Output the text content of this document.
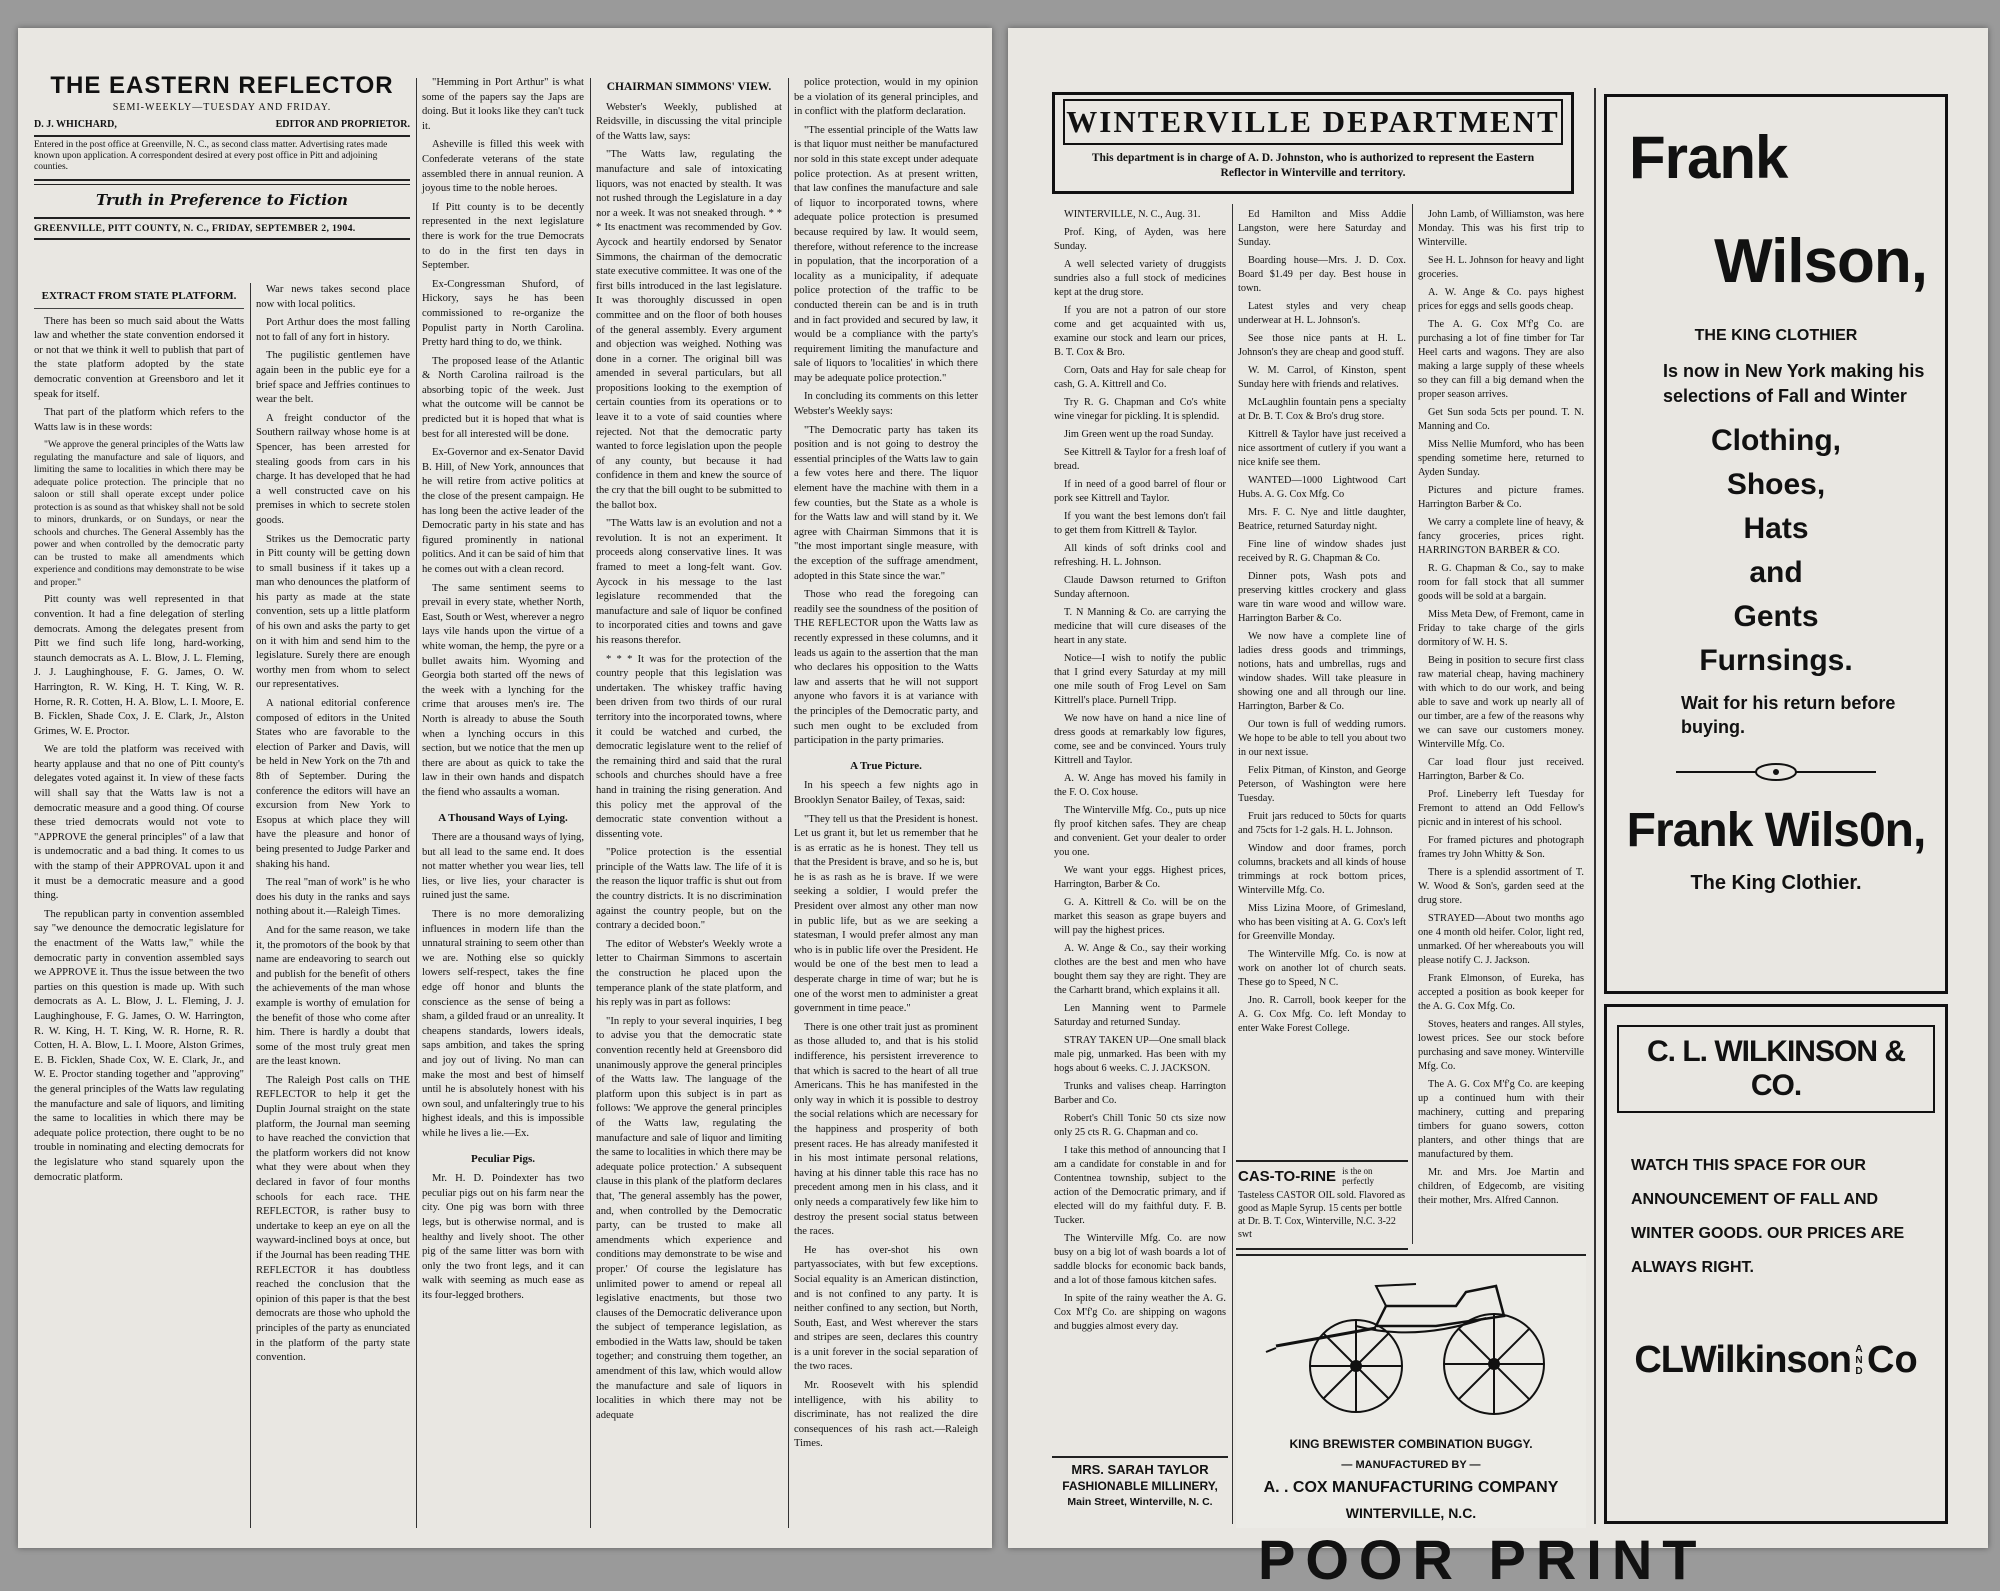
THE EASTERN REFLECTOR
SEMI-WEEKLY—TUESDAY AND FRIDAY.
D. J. WHICHARD,	EDITOR AND PROPRIETOR.
Entered in the post office at Greenville, N. C., as second class matter. Advertising rates made known upon application. A correspondent desired at every post office in Pitt and adjoining counties.
Truth in Preference to Fiction
GREENVILLE, PITT COUNTY, N. C., FRIDAY, SEPTEMBER 2, 1904.
EXTRACT FROM STATE PLATFORM.

There has been so much said about the Watts law and whether the state convention endorsed it or not that we think it well to publish that part of the state platform adopted by the state democratic convention at Greensboro and let it speak for itself.

That part of the platform which refers to the Watts law is in these words:

"We approve the general principles of the Watts law regulating the manufacture and sale of liquors, and limiting the same to localities in which there may be adequate police protection. The principle that no saloon or still shall operate except under police protection is as sound as that whiskey shall not be sold to minors, drunkards, or on Sundays, or near the schools and churches. The General Assembly has the power and when controlled by the democratic party can be trusted to make all amendments which experience and conditions may demonstrate to be wise and proper."

Pitt county was well represented in that convention. It had a fine delegation of sterling democrats. Among the delegates present from Pitt we find such life long, hard-working, staunch democrats as A. L. Blow, J. L. Fleming, J. J. Laughinghouse, F. G. James, O. W. Harrington, R. W. King, H. T. King, W. R. Horne, R. R. Cotten, H. A. Blow, L. I. Moore, E. B. Ficklen, Shade Cox, J. E. Clark, Jr., Alston Grimes, W. E. Proctor.

We are told the platform was received with hearty applause and that no one of Pitt county's delegates voted against it. In view of these facts will shall say that the Watts law is not a democratic measure and a good thing. Of course these tried democrats would not vote to "APPROVE the general principles" of a law that is undemocratic and a bad thing. It comes to us with the stamp of their APPROVAL upon it and it must be a democratic measure and a good thing.

The republican party in convention assembled say "we denounce the democratic legislature for the enactment of the Watts law," while the democratic party in convention assembled says we APPROVE it. Thus the issue between the two parties on this question is made up. With such democrats as A. L. Blow, J. L. Fleming, J. J. Laughinghouse, F. G. James, O. W. Harrington, R. W. King, H. T. King, W. R. Horne, R. R. Cotten, H. A. Blow, L. I. Moore, Alston Grimes, E. B. Ficklen, Shade Cox, W. E. Clark, Jr., and W. E. Proctor standing together and "approving" the general principles of the Watts law regulating the manufacture and sale of liquors, and limiting the same to localities in which there may be adequate police protection, there ought to be no trouble in nominating and electing democrats for the legislature who stand squarely upon the democratic platform.

War news takes second place now with local politics.

Port Arthur does the most falling not to fall of any fort in history.

The pugilistic gentlemen have again been in the public eye for a brief space and Jeffries continues to wear the belt.

A freight conductor of the Southern railway whose home is at Spencer, has been arrested for stealing goods from cars in his charge. It has developed that he had a well constructed cave on his premises in which to secrete stolen goods.

Strikes us the Democratic party in Pitt county will be getting down to small business if it takes up a man who denounces the platform of his party as made at the state convention, sets up a little platform of his own and asks the party to get on it with him and send him to the legislature. Surely there are enough worthy men from whom to select our representatives.

A national editorial conference composed of editors in the United States who are favorable to the election of Parker and Davis, will be held in New York on the 7th and 8th of September. During the conference the editors will have an excursion from New York to Esopus at which place they will have the pleasure and honor of being presented to Judge Parker and shaking his hand.

The real "man of work" is he who does his duty in the ranks and says nothing about it.—Raleigh Times.

And for the same reason, we take it, the promotors of the book by that name are endeavoring to search out and publish for the benefit of others the achievements of the man whose example is worthy of emulation for the benefit of those who come after him. There is hardly a doubt that some of the most truly great men are the least known.

The Raleigh Post calls on THE REFLECTOR to help it get the Duplin Journal straight on the state platform, the Journal man seeming to have reached the conviction that the platform workers did not know what they were about when they declared in favor of four months schools for each race. THE REFLECTOR, is rather busy to undertake to keep an eye on all the wayward-inclined boys at once, but if the Journal has been reading THE REFLECTOR it has doubtless reached the conclusion that the opinion of this paper is that the best democrats are those who uphold the principles of the party as enunciated in the platform of the party state convention.

"Hemming in Port Arthur" is what some of the papers say the Japs are doing. But it looks like they can't tuck it.

Asheville is filled this week with Confederate veterans of the state assembled there in annual reunion. A joyous time to the noble heroes.

If Pitt county is to be decently represented in the next legislature there is work for the true Democrats to do in the first ten days in September.

Ex-Congressman Shuford, of Hickory, says he has been commissioned to re-organize the Populist party in North Carolina. Pretty hard thing to do, we think.

The proposed lease of the Atlantic & North Carolina railroad is the absorbing topic of the week. Just what the outcome will be cannot be predicted but it is hoped that what is best for all interested will be done.

Ex-Governor and ex-Senator David B. Hill, of New York, announces that he will retire from active politics at the close of the present campaign. He has long been the active leader of the Democratic party in his state and has figured prominently in national politics. And it can be said of him that he comes out with a clean record.

The same sentiment seems to prevail in every state, whether North, East, South or West, wherever a negro lays vile hands upon the virtue of a white woman, the hemp, the pyre or a bullet awaits him. Wyoming and Georgia both started off the news of the week with a lynching for the crime that arouses men's ire. The North is already to abuse the South when a lynching occurs in this section, but we notice that the men up there are about as quick to take the law in their own hands and dispatch the fiend who assaults a woman.

A Thousand Ways of Lying.

There are a thousand ways of lying, but all lead to the same end. It does not matter whether you wear lies, tell lies, or live lies, your character is ruined just the same.

There is no more demoralizing influences in modern life than the unnatural straining to seem other than we are. Nothing else so quickly lowers self-respect, takes the fine edge off honor and blunts the conscience as the sense of being a sham, a gilded fraud or an unreality. It cheapens standards, lowers ideals, saps ambition, and takes the spring and joy out of living. No man can make the most and best of himself until he is absolutely honest with his own soul, and unfalteringly true to his highest ideals, and this is impossible while he lives a lie.—Ex.

Peculiar Pigs.

Mr. H. D. Poindexter has two peculiar pigs out on his farm near the city. One pig was born with three legs, but is otherwise normal, and is healthy and lively shoot. The other pig of the same litter was born with only the two front legs, and it can walk with seeming as much ease as its four-legged brothers.

CHAIRMAN SIMMONS' VIEW.

Webster's Weekly, published at Reidsville, in discussing the vital principle of the Watts law, says:

"The Watts law, regulating the manufacture and sale of intoxicating liquors, was not enacted by stealth. It was not rushed through the Legislature in a day nor a week. It was not sneaked through. * * * Its enactment was recommended by Gov. Aycock and heartily endorsed by Senator Simmons, the chairman of the democratic state executive committee. It was one of the first bills introduced in the last legislature. It was thoroughly discussed in open committee and on the floor of both houses of the general assembly. Every argument and objection was weighed. Nothing was done in a corner. The original bill was amended in several particulars, but all propositions looking to the exemption of certain counties from its operations or to leave it to a vote of said counties where rejected. Not that the democratic party wanted to force legislation upon the people of any county, but because it had confidence in them and knew the source of the cry that the bill ought to be submitted to the ballot box.

"The Watts law is an evolution and not a revolution. It is not an experiment. It proceeds along conservative lines. It was framed to meet a long-felt want. Gov. Aycock in his message to the last legislature recommended that the manufacture and sale of liquor be confined to incorporated cities and towns and gave his reasons therefor.

* * * It was for the protection of the country people that this legislation was undertaken. The whiskey traffic having been driven from two thirds of our rural territory into the incorporated towns, where it could be watched and curbed, the democratic legislature went to the relief of the remaining third and said that the rural schools and churches should have a free hand in training the rising generation. And this policy met the approval of the democratic state convention without a dissenting vote.

"Police protection is the essential principle of the Watts law. The life of it is the reason the liquor traffic is shut out from the country districts. It is no discrimination against the country people, but on the contrary a decided boon."

The editor of Webster's Weekly wrote a letter to Chairman Simmons to ascertain the construction he placed upon the temperance plank of the state platform, and his reply was in part as follows:

"In reply to your several inquiries, I beg to advise you that the democratic state convention recently held at Greensboro did unanimously approve the general principles of the Watts law. The language of the platform upon this subject is in part as follows: 'We approve the general principles of the Watts law, regulating the manufacture and sale of liquor and limiting the same to localities in which there may be adequate police protection.' A subsequent clause in this plank of the platform declares that, 'The general assembly has the power, and, when controlled by the Democratic party, can be trusted to make all amendments which experience and conditions may demonstrate to be wise and proper.' Of course the legislature has unlimited power to amend or repeal all legislative enactments, but those two clauses of the Democratic deliverance upon the subject of temperance legislation, as embodied in the Watts law, should be taken together; and construing them together, an amendment of this law, which would allow the manufacture and sale of liquors in localities in which there may not be adequate

police protection, would in my opinion be a violation of its general principles, and in conflict with the platform declaration.

"The essential principle of the Watts law is that liquor must neither be manufactured nor sold in this state except under adequate police protection. As at present written, that law confines the manufacture and sale of liquor to incorporated towns, where adequate police protection is presumed because required by law. It would seem, therefore, without reference to the increase in population, that the incorporation of a locality as a municipality, if adequate police protection of the traffic to be conducted therein can be and is in truth and in fact provided and secured by law, it would be a compliance with the party's requirement limiting the manufacture and sale of liquors to 'localities' in which there may be adequate police protection."

In concluding its comments on this letter Webster's Weekly says:

"The Democratic party has taken its position and is not going to destroy the essential principles of the Watts law to gain a few votes here and there. The liquor element have the machine with them in a few counties, but the State as a whole is for the Watts law and will stand by it. We agree with Chairman Simmons that it is "the most important single measure, with the exception of the suffrage amendment, adopted in this State since the war."

Those who read the foregoing can readily see the soundness of the position of THE REFLECTOR upon the Watts law as recently expressed in these columns, and it leads us again to the assertion that the man who declares his opposition to the Watts law and asserts that he will not support anyone who favors it is at variance with the principles of the Democratic party, and such men ought to be excluded from participation in the party primaries.

A True Picture.

In his speech a few nights ago in Brooklyn Senator Bailey, of Texas, said:

"They tell us that the President is honest. Let us grant it, but let us remember that he is as erratic as he is honest. They tell us that the President is brave, and so he is, but he is as rash as he is brave. If we were seeking a soldier, I would prefer the President over almost any other man now in public life, but as we are seeking a statesman, I would prefer almost any man who is in public life over the President. He would be one of the best men to lead a desperate charge in time of war; but he is one of the worst men to administer a great government in time peace."

There is one other trait just as prominent as those alluded to, and that is his stolid indifference, his persistent irreverence to that which is sacred to the heart of all true Americans. This he has manifested in the only way in which it is possible to destroy the social relations which are necessary for the happiness and prosperity of both present races. He has already manifested it in his most intimate personal relations, having at his dinner table this race has no precedent among men in his class, and it only needs a comparatively few like him to destroy the present social status between the races.

He has over-shot his own partyassociates, with but few exceptions. Social equality is an American distinction, and is not confined to any party. It is neither confined to any section, but North, South, East, and West wherever the stars and stripes are seen, declares this country is a unit forever in the social separation of the two races.

Mr. Roosevelt with his splendid intelligence, with his ability to discriminate, has not realized the dire consequences of his rash act.—Raleigh Times.

WINTERVILLE DEPARTMENT
This department is in charge of A. D. Johnston, who is authorized to represent the Eastern Reflector in Winterville and territory.

WINTERVILLE, N. C., Aug. 31.

Prof. King, of Ayden, was here Sunday.

A well selected variety of druggists sundries also a full stock of medicines kept at the drug store.

If you are not a patron of our store come and get acquainted with us, examine our stock and learn our prices, B. T. Cox & Bro.

Corn, Oats and Hay for sale cheap for cash, G. A. Kittrell and Co.

Try R. G. Chapman and Co's white wine vinegar for pickling. It is splendid.

Jim Green went up the road Sunday.

See Kittrell & Taylor for a fresh loaf of bread.

If in need of a good barrel of flour or pork see Kittrell and Taylor.

If you want the best lemons don't fail to get them from Kittrell & Taylor.

All kinds of soft drinks cool and refreshing. H. L. Johnson.

Claude Dawson returned to Grifton Sunday afternoon.

T. N Manning & Co. are carrying the medicine that will cure diseases of the heart in any state.

Notice—I wish to notify the public that I grind every Saturday at my mill one mile south of Frog Level on Sam Kittrell's place. Purnell Tripp.

We now have on hand a nice line of dress goods at remarkably low figures, come, see and be convinced. Yours truly Kittrell and Taylor.

A. W. Ange has moved his family in the F. O. Cox house.

The Winterville Mfg. Co., puts up nice fly proof kitchen safes. They are cheap and convenient. Get your dealer to order you one.

We want your eggs. Highest prices, Harrington, Barber & Co.

G. A. Kittrell & Co. will be on the market this season as grape buyers and will pay the highest prices.

A. W. Ange & Co., say their working clothes are the best and men who have bought them say they are right. They are the Carhartt brand, which explains it all.

Len Manning went to Parmele Saturday and returned Sunday.

STRAY TAKEN UP—One small black male pig, unmarked. Has been with my hogs about 6 weeks. C. J. JACKSON.

Trunks and valises cheap. Harrington Barber and Co.

Robert's Chill Tonic 50 cts size now only 25 cts R. G. Chapman and co.

I take this method of announcing that I am a candidate for constable in and for Contentnea township, subject to the action of the Democratic primary, and if elected will do my faithful duty. F. B. Tucker.

The Winterville Mfg. Co. are now busy on a big lot of wash boards a lot of saddle blocks for economic back bands, and a lot of those famous kitchen safes.

In spite of the rainy weather the A. G. Cox M'f'g Co. are shipping on wagons and buggies almost every day.

MRS. SARAH TAYLOR
FASHIONABLE MILLINERY,
Main Street, Winterville, N. C.

Ed Hamilton and Miss Addie Langston, were here Saturday and Sunday.

Boarding house—Mrs. J. D. Cox. Board $1.49 per day. Best house in town.

Latest styles and very cheap underwear at H. L. Johnson's.

See those nice pants at H. L. Johnson's they are cheap and good stuff.

W. M. Carrol, of Kinston, spent Sunday here with friends and relatives.

McLaughlin fountain pens a specialty at Dr. B. T. Cox & Bro's drug store.

Kittrell & Taylor have just received a nice assortment of cutlery if you want a nice knife see them.

WANTED—1000 Lightwood Cart Hubs. A. G. Cox Mfg. Co

Mrs. F. C. Nye and little daughter, Beatrice, returned Saturday night.

Fine line of window shades just received by R. G. Chapman & Co.

Dinner pots, Wash pots and preserving kittles crockery and glass ware tin ware wood and willow ware. Harrington Barber & Co.

We now have a complete line of ladies dress goods and trimmings, notions, hats and umbrellas, rugs and window shades. Will take pleasure in showing one and all through our line. Harrington, Barber & Co.

Our town is full of wedding rumors. We hope to be able to tell you about two in our next issue.

Felix Pitman, of Kinston, and George Peterson, of Washington were here Tuesday.

Fruit jars reduced to 50cts for quarts and 75cts for 1-2 gals. H. L. Johnson.

Window and door frames, porch columns, brackets and all kinds of house trimmings at rock bottom prices, Winterville Mfg. Co.

Miss Lizina Moore, of Grimesland, who has been visiting at A. G. Cox's left for Greenville Monday.

The Winterville Mfg. Co. is now at work on another lot of church seats. These go to Speed, N C.

Jno. R. Carroll, book keeper for the A. G. Cox Mfg. Co. left Monday to enter Wake Forest College.

CAS-TO-RINE is the on perfectly
Tasteless CASTOR OIL sold. Flavored as good as Maple Syrup. 15 cents per bottle at Dr. B. T. Cox, Winterville, N.C. 3-22 swt

John Lamb, of Williamston, was here Monday. This was his first trip to Winterville.

See H. L. Johnson for heavy and light groceries.

A. W. Ange & Co. pays highest prices for eggs and sells goods cheap.

The A. G. Cox M'f'g Co. are purchasing a lot of fine timber for Tar Heel carts and wagons. They are also making a large supply of these wheels so they can fill a big demand when the proper season arrives.

Get Sun soda 5cts per pound. T. N. Manning and Co.

Miss Nellie Mumford, who has been spending sometime here, returned to Ayden Sunday.

Pictures and picture frames. Harrington Barber & Co.

We carry a complete line of heavy, & fancy groceries, prices right. HARRINGTON BARBER & CO.

R. G. Chapman & Co., say to make room for fall stock that all summer goods will be sold at a bargain.

Miss Meta Dew, of Fremont, came in Friday to take charge of the girls dormitory of W. H. S.

Being in position to secure first class raw material cheap, having machinery with which to do our work, and being able to save and work up nearly all of our timber, are a few of the reasons why we can save our customers money. Winterville Mfg. Co.

Car load flour just received. Harrington, Barber & Co.

Prof. Lineberry left Tuesday for Fremont to attend an Odd Fellow's picnic and in interest of his school.

For framed pictures and photograph frames try John Whitty & Son.

There is a splendid assortment of T. W. Wood & Son's, garden seed at the drug store.

STRAYED—About two months ago one 4 month old heifer. Color, light red, unmarked. Of her whereabouts you will please notify C. J. Jackson.

Frank Elmonson, of Eureka, has accepted a position as book keeper for the A. G. Cox Mfg. Co.

Stoves, heaters and ranges. All styles, lowest prices. See our stock before purchasing and save money. Winterville Mfg. Co.

The A. G. Cox M'f'g Co. are keeping up a continued hum with their machinery, cutting and preparing timbers for guano sowers, cotton planters, and other things that are manufactured by them.

Mr. and Mrs. Joe Martin and children, of Edgecomb, are visiting their mother, Mrs. Alfred Cannon.

KING BREWISTER COMBINATION BUGGY.
— MANUFACTURED BY —
A. . COX MANUFACTURING COMPANY
WINTERVILLE, N.C.
Frank
Wilson,
THE KING CLOTHIER
Is now in New York making his selections of Fall and Winter
Clothing,
Shoes,
Hats
and
Gents
Furnsings.
Wait for his return before buying.
Frank Wils0n,
The King Clothier.
C. L. WILKINSON & CO.
WATCH THIS SPACE FOR OUR ANNOUNCEMENT OF FALL AND WINTER GOODS. OUR PRICES ARE ALWAYS RIGHT.
CLWilkinson AND Co
POOR PRINT
